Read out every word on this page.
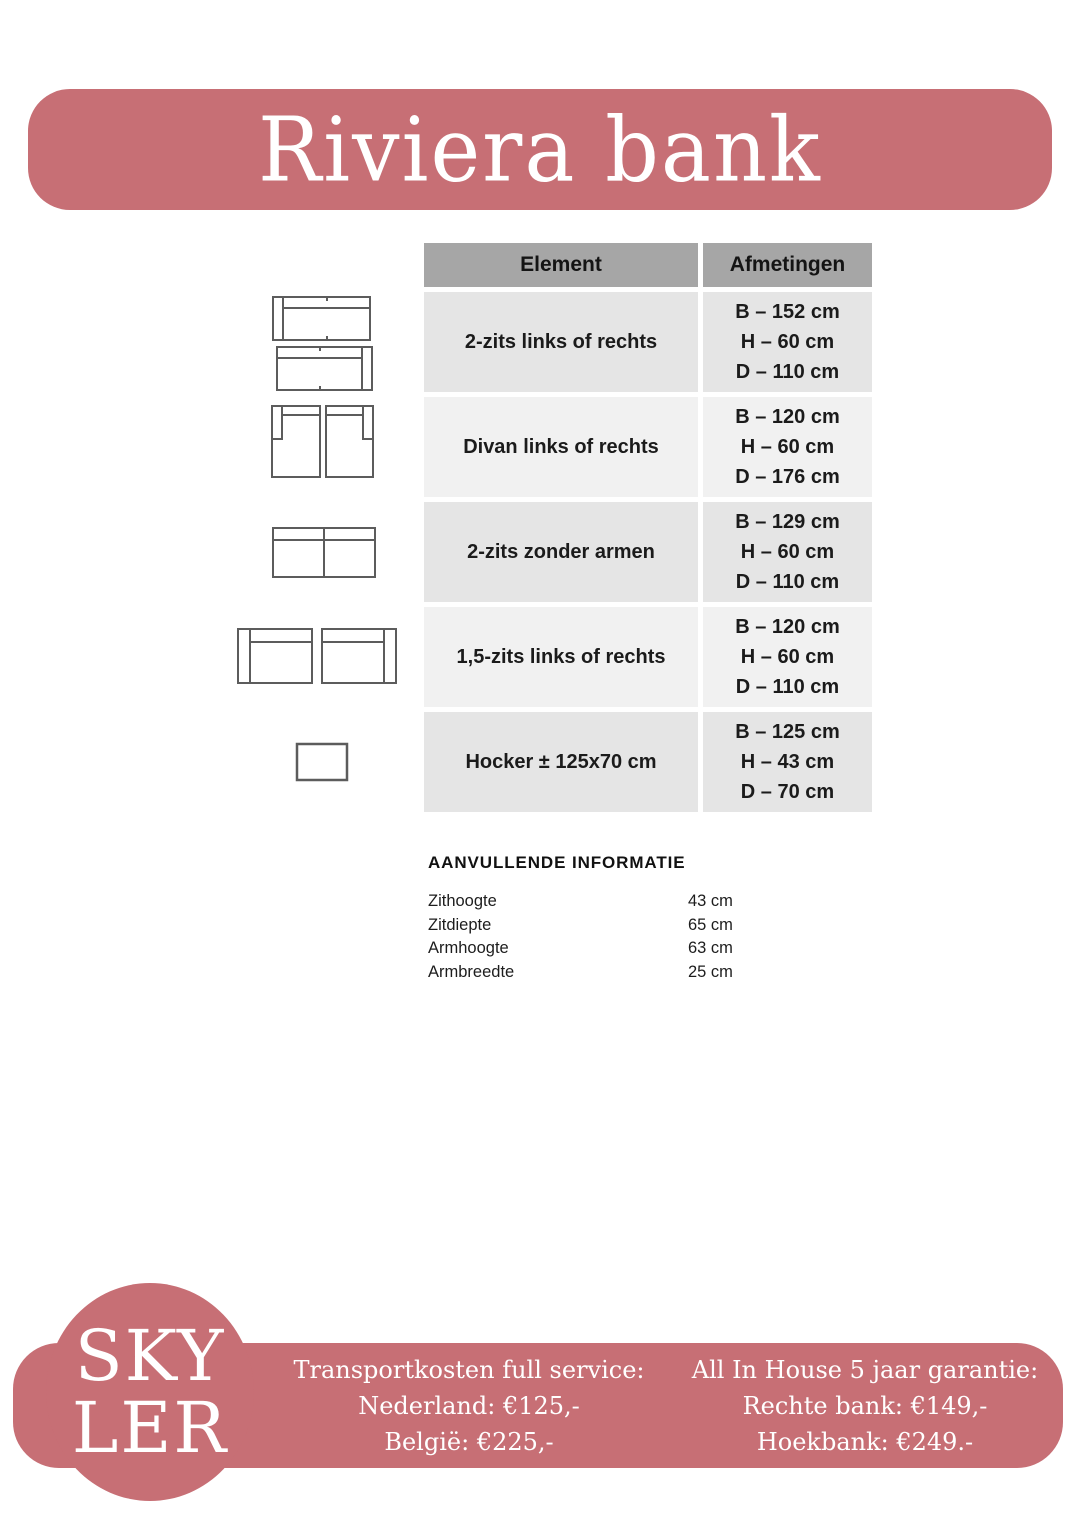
Riviera bank
Element	Afmetingen
2-zits links of rechts
B – 152 cm
H – 60 cm
D – 110 cm
Divan links of rechts
B – 120 cm
H – 60 cm
D – 176 cm
2-zits zonder armen
B – 129 cm
H – 60 cm
D – 110 cm
1,5-zits links of rechts
B – 120 cm
H – 60 cm
D – 110 cm
Hocker ± 125x70 cm
B – 125 cm
H – 43 cm
D – 70 cm
AANVULLENDE INFORMATIE
Zithoogte	43 cm
Zitdiepte	65 cm
Armhoogte	63 cm
Armbreedte	25 cm
Transportkosten full service:
Nederland: €125,-
België: €225,-
All In House 5 jaar garantie:
Rechte bank: €149,-
Hoekbank: €249.-
SKY
LER
